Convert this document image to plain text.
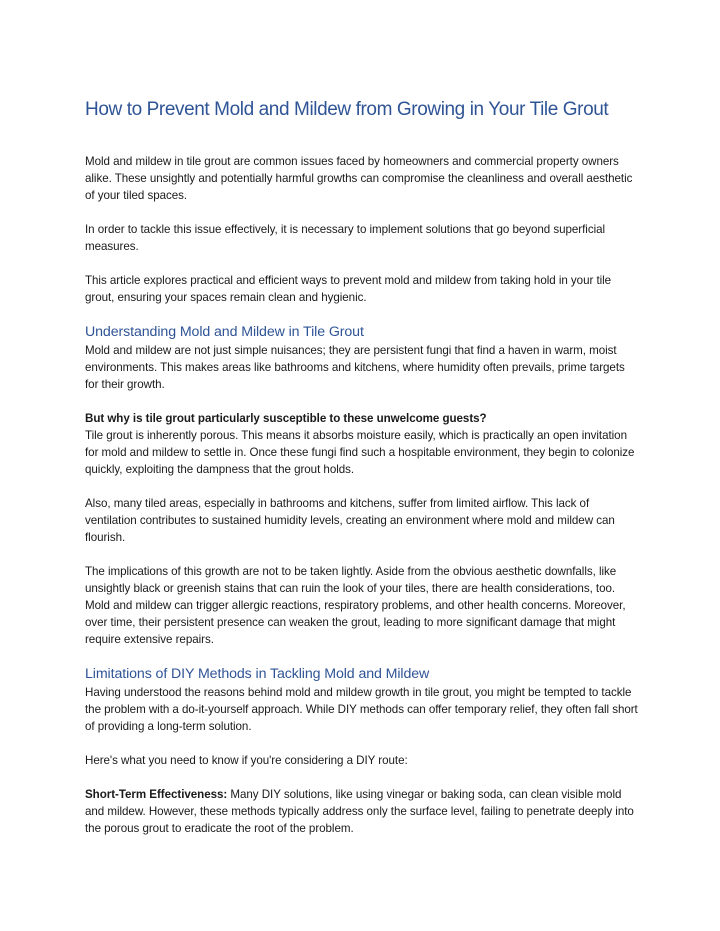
How to Prevent Mold and Mildew from Growing in Your Tile Grout

Mold and mildew in tile grout are common issues faced by homeowners and commercial property owners alike. These unsightly and potentially harmful growths can compromise the cleanliness and overall aesthetic of your tiled spaces.

In order to tackle this issue effectively, it is necessary to implement solutions that go beyond superficial measures.

This article explores practical and efficient ways to prevent mold and mildew from taking hold in your tile grout, ensuring your spaces remain clean and hygienic.

Understanding Mold and Mildew in Tile Grout

Mold and mildew are not just simple nuisances; they are persistent fungi that find a haven in warm, moist environments. This makes areas like bathrooms and kitchens, where humidity often prevails, prime targets for their growth.

But why is tile grout particularly susceptible to these unwelcome guests?

Tile grout is inherently porous. This means it absorbs moisture easily, which is practically an open invitation for mold and mildew to settle in. Once these fungi find such a hospitable environment, they begin to colonize quickly, exploiting the dampness that the grout holds.

Also, many tiled areas, especially in bathrooms and kitchens, suffer from limited airflow. This lack of ventilation contributes to sustained humidity levels, creating an environment where mold and mildew can flourish.

The implications of this growth are not to be taken lightly. Aside from the obvious aesthetic downfalls, like unsightly black or greenish stains that can ruin the look of your tiles, there are health considerations, too. Mold and mildew can trigger allergic reactions, respiratory problems, and other health concerns. Moreover, over time, their persistent presence can weaken the grout, leading to more significant damage that might require extensive repairs.

Limitations of DIY Methods in Tackling Mold and Mildew

Having understood the reasons behind mold and mildew growth in tile grout, you might be tempted to tackle the problem with a do-it-yourself approach. While DIY methods can offer temporary relief, they often fall short of providing a long-term solution.

Here's what you need to know if you're considering a DIY route:

Short-Term Effectiveness: Many DIY solutions, like using vinegar or baking soda, can clean visible mold and mildew. However, these methods typically address only the surface level, failing to penetrate deeply into the porous grout to eradicate the root of the problem.
